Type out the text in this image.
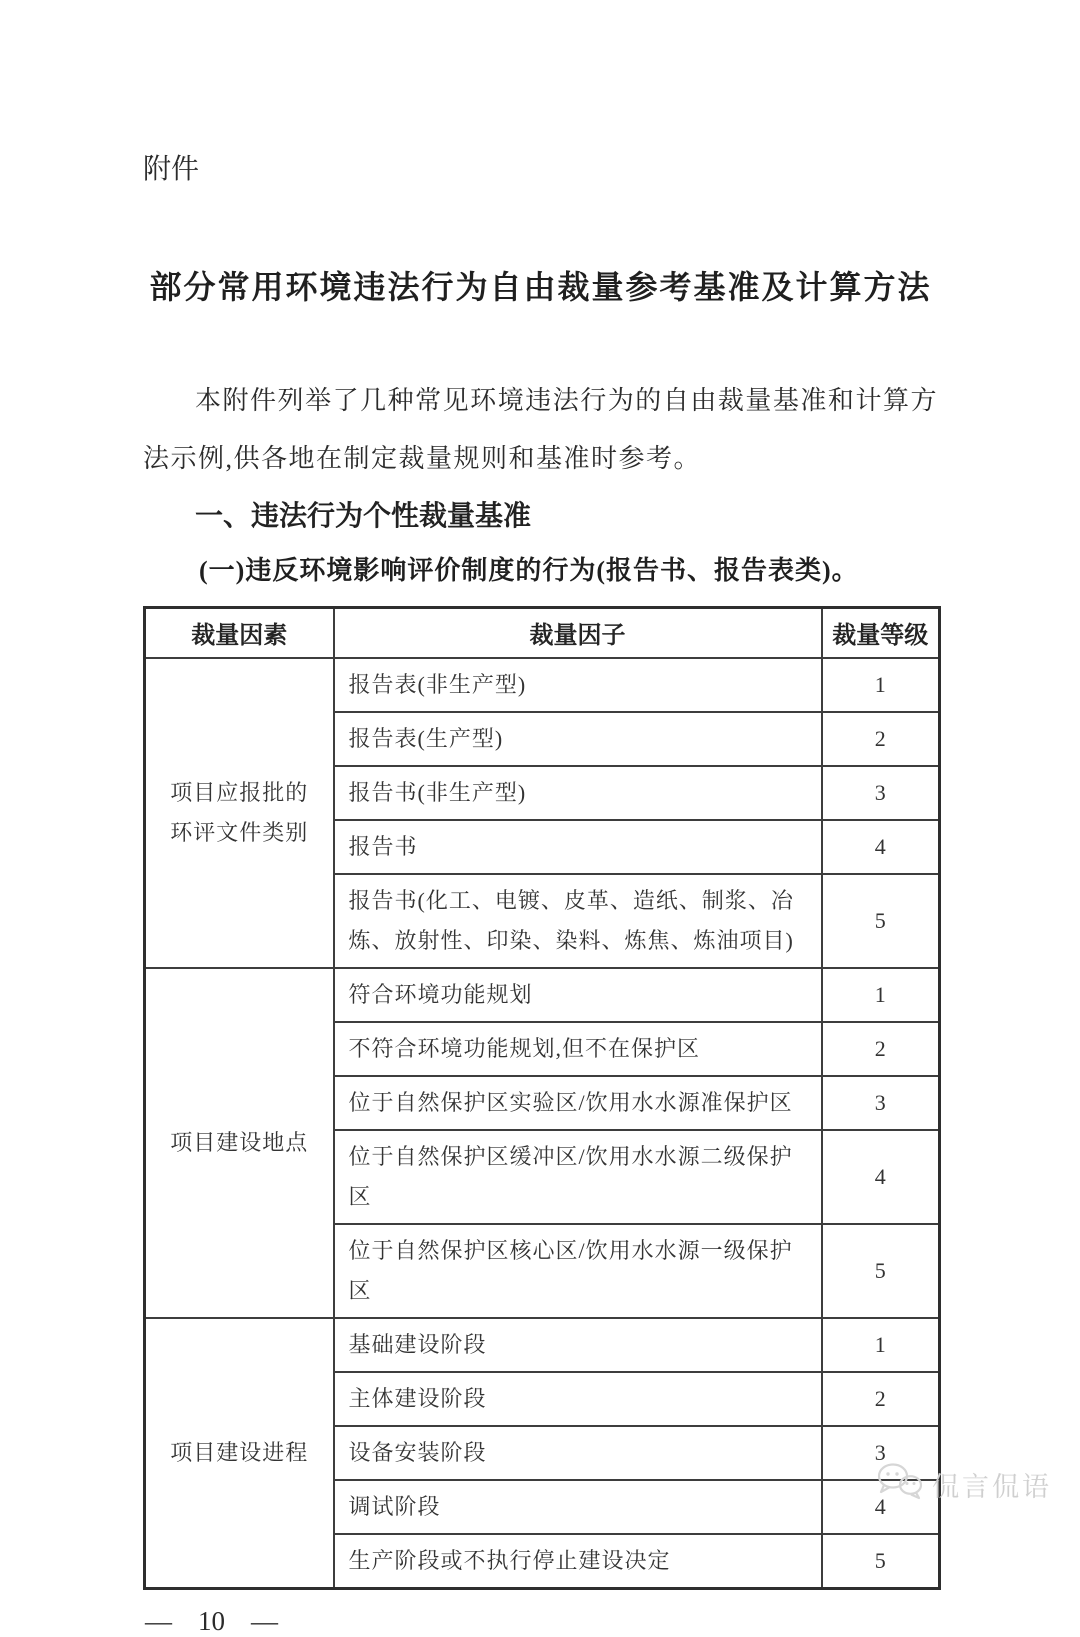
附件
部分常用环境违法行为自由裁量参考基准及计算方法

本附件列举了几种常见环境违法行为的自由裁量基准和计算方法示例,供各地在制定裁量规则和基准时参考。

一、违法行为个性裁量基准
(一)违反环境影响评价制度的行为(报告书、报告表类)。
裁量因素	裁量因子	裁量等级
项目应报批的环评文件类别	报告表(非生产型)	1
	报告表(生产型)	2
	报告书(非生产型)	3
	报告书	4
	报告书(化工、电镀、皮革、造纸、制浆、冶炼、放射性、印染、染料、炼焦、炼油项目)	5
项目建设地点	符合环境功能规划	1
	不符合环境功能规划,但不在保护区	2
	位于自然保护区实验区/饮用水水源准保护区	3
	位于自然保护区缓冲区/饮用水水源二级保护区	4
	位于自然保护区核心区/饮用水水源一级保护区	5
项目建设进程	基础建设阶段	1
	主体建设阶段	2
	设备安装阶段	3
	调试阶段	4
	生产阶段或不执行停止建设决定	5
— 10 —
侃言侃语
